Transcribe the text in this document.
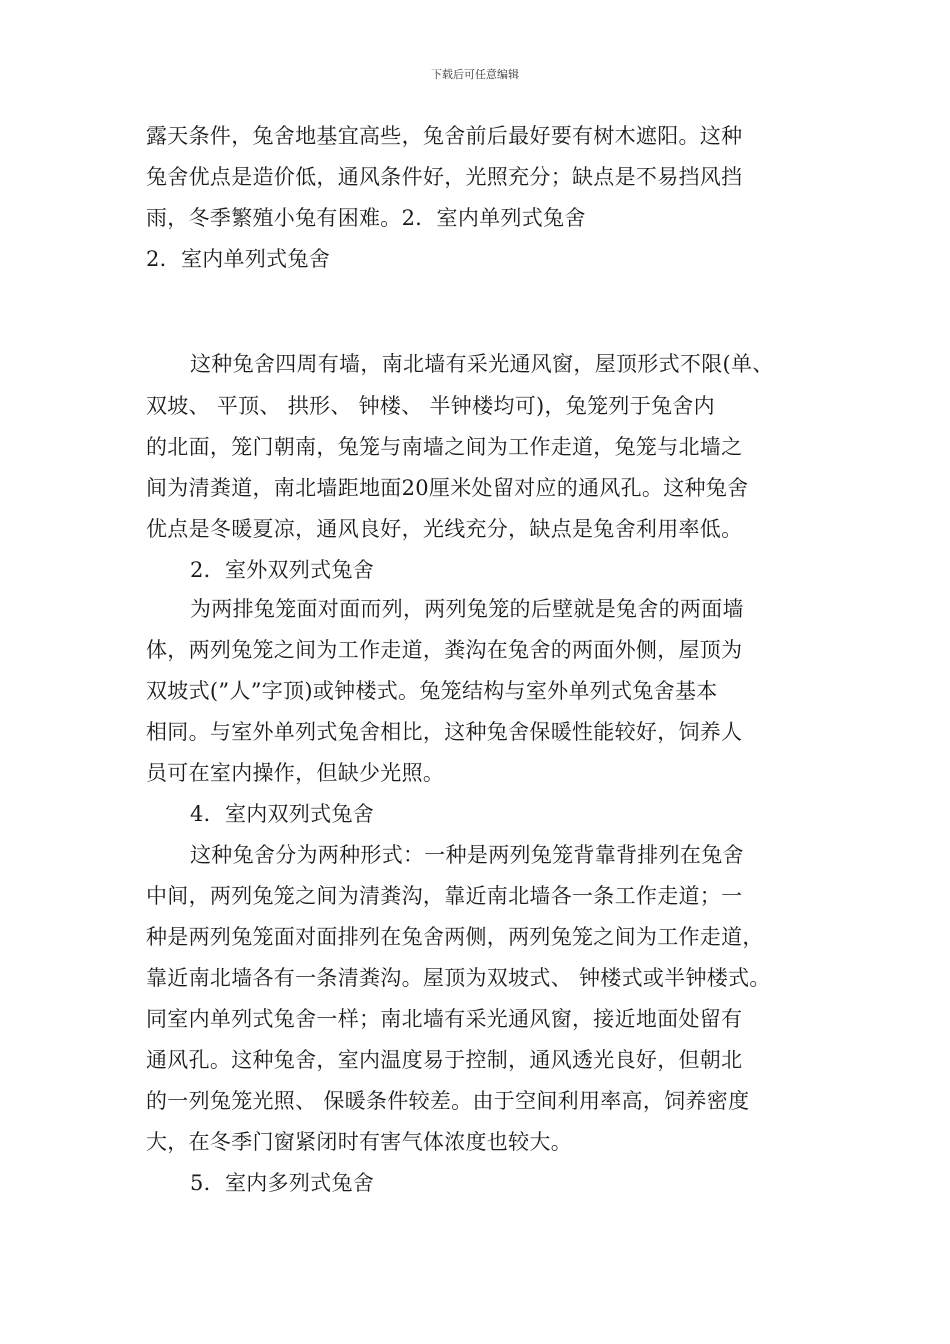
下载后可任意编辑
露天条件，兔舍地基宜高些，兔舍前后最好要有树木遮阳。这种
兔舍优点是造价低，通风条件好，光照充分；缺点是不易挡风挡
雨，冬季繁殖小兔有困难。2．室内单列式兔舍
2．室内单列式兔舍
这种兔舍四周有墙，南北墙有采光通风窗，屋顶形式不限(单、
双坡、 平顶、 拱形、 钟楼、 半钟楼均可)，兔笼列于兔舍内
的北面，笼门朝南，兔笼与南墙之间为工作走道，兔笼与北墙之
间为清粪道，南北墙距地面20厘米处留对应的通风孔。这种兔舍
优点是冬暖夏凉，通风良好，光线充分，缺点是兔舍利用率低。
2．室外双列式兔舍
为两排兔笼面对面而列，两列兔笼的后壁就是兔舍的两面墙
体，两列兔笼之间为工作走道，粪沟在兔舍的两面外侧，屋顶为
双坡式(”人”字顶)或钟楼式。兔笼结构与室外单列式兔舍基本
相同。与室外单列式兔舍相比，这种兔舍保暖性能较好，饲养人
员可在室内操作，但缺少光照。
4．室内双列式兔舍
这种兔舍分为两种形式：一种是两列兔笼背靠背排列在兔舍
中间，两列兔笼之间为清粪沟，靠近南北墙各一条工作走道；一
种是两列兔笼面对面排列在兔舍两侧，两列兔笼之间为工作走道，
靠近南北墙各有一条清粪沟。屋顶为双坡式、 钟楼式或半钟楼式。
同室内单列式兔舍一样；南北墙有采光通风窗，接近地面处留有
通风孔。这种兔舍，室内温度易于控制，通风透光良好，但朝北
的一列兔笼光照、 保暖条件较差。由于空间利用率高，饲养密度
大，在冬季门窗紧闭时有害气体浓度也较大。
5．室内多列式兔舍
